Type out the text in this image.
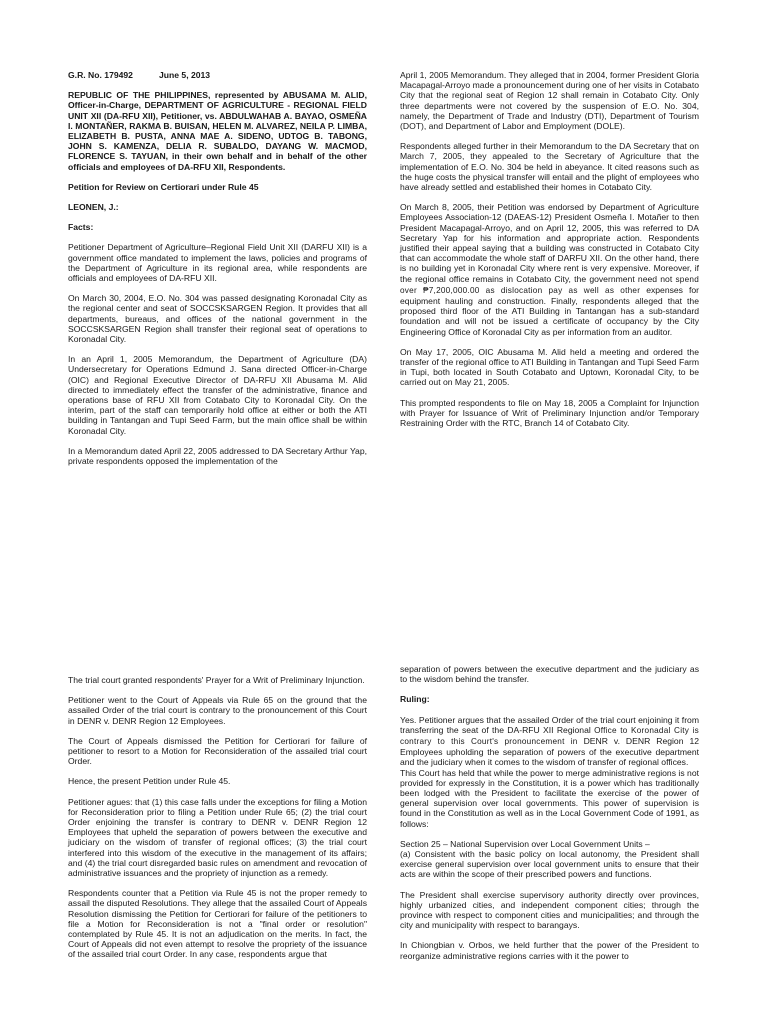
G.R. No. 179492	June 5, 2013

REPUBLIC OF THE PHILIPPINES, represented by ABUSAMA M. ALID, Officer-in-Charge, DEPARTMENT OF AGRICULTURE - REGIONAL FIELD UNIT XII (DA-RFU XII), Petitioner, vs. ABDULWAHAB A. BAYAO, OSMEÑA I. MONTAÑER, RAKMA B. BUISAN, HELEN M. ALVAREZ, NEILA P. LIMBA, ELIZABETH B. PUSTA, ANNA MAE A. SIDENO, UDTOG B. TABONG, JOHN S. KAMENZA, DELIA R. SUBALDO, DAYANG W. MACMOD, FLORENCE S. TAYUAN, in their own behalf and in behalf of the other officials and employees of DA-RFU XII, Respondents.

Petition for Review on Certiorari under Rule 45

LEONEN, J.:

Facts:

Petitioner Department of Agriculture–Regional Field Unit XII (DARFU XII) is a government office mandated to implement the laws, policies and programs of the Department of Agriculture in its regional area, while respondents are officials and employees of DA-RFU XII.

On March 30, 2004, E.O. No. 304 was passed designating Koronadal City as the regional center and seat of SOCCSKSARGEN Region. It provides that all departments, bureaus, and offices of the national government in the SOCCSKSARGEN Region shall transfer their regional seat of operations to Koronadal City.

In an April 1, 2005 Memorandum, the Department of Agriculture (DA) Undersecretary for Operations Edmund J. Sana directed Officer-in-Charge (OIC) and Regional Executive Director of DA-RFU XII Abusama M. Alid directed to immediately effect the transfer of the administrative, finance and operations base of RFU XII from Cotabato City to Koronadal City. On the interim, part of the staff can temporarily hold office at either or both the ATI building in Tantangan and Tupi Seed Farm, but the main office shall be within Koronadal City.

In a Memorandum dated April 22, 2005 addressed to DA Secretary Arthur Yap, private respondents opposed the implementation of the

April 1, 2005 Memorandum. They alleged that in 2004, former President Gloria Macapagal-Arroyo made a pronouncement during one of her visits in Cotabato City that the regional seat of Region 12 shall remain in Cotabato City. Only three departments were not covered by the suspension of E.O. No. 304, namely, the Department of Trade and Industry (DTI), Department of Tourism (DOT), and Department of Labor and Employment (DOLE).

Respondents alleged further in their Memorandum to the DA Secretary that on March 7, 2005, they appealed to the Secretary of Agriculture that the implementation of E.O. No. 304 be held in abeyance. It cited reasons such as the huge costs the physical transfer will entail and the plight of employees who have already settled and established their homes in Cotabato City.

On March 8, 2005, their Petition was endorsed by Department of Agriculture Employees Association-12 (DAEAS-12) President Osmeña I. Motañer to then President Macapagal-Arroyo, and on April 12, 2005, this was referred to DA Secretary Yap for his information and appropriate action. Respondents justified their appeal saying that a building was constructed in Cotabato City that can accommodate the whole staff of DARFU XII. On the other hand, there is no building yet in Koronadal City where rent is very expensive. Moreover, if the regional office remains in Cotabato City, the government need not spend over ₱7,200,000.00 as dislocation pay as well as other expenses for equipment hauling and construction. Finally, respondents alleged that the proposed third floor of the ATI Building in Tantangan has a sub-standard foundation and will not be issued a certificate of occupancy by the City Engineering Office of Koronadal City as per information from an auditor.

On May 17, 2005, OIC Abusama M. Alid held a meeting and ordered the transfer of the regional office to ATI Building in Tantangan and Tupi Seed Farm in Tupi, both located in South Cotabato and Uptown, Koronadal City, to be carried out on May 21, 2005.

This prompted respondents to file on May 18, 2005 a Complaint for Injunction with Prayer for Issuance of Writ of Preliminary Injunction and/or Temporary Restraining Order with the RTC, Branch 14 of Cotabato City.

The trial court granted respondents' Prayer for a Writ of Preliminary Injunction.

Petitioner went to the Court of Appeals via Rule 65 on the ground that the assailed Order of the trial court is contrary to the pronouncement of this Court in DENR v. DENR Region 12 Employees.

The Court of Appeals dismissed the Petition for Certiorari for failure of petitioner to resort to a Motion for Reconsideration of the assailed trial court Order.

Hence, the present Petition under Rule 45.

Petitioner agues: that (1) this case falls under the exceptions for filing a Motion for Reconsideration prior to filing a Petition under Rule 65; (2) the trial court Order enjoining the transfer is contrary to DENR v. DENR Region 12 Employees that upheld the separation of powers between the executive and judiciary on the wisdom of transfer of regional offices; (3) the trial court interfered into this wisdom of the executive in the management of its affairs; and (4) the trial court disregarded basic rules on amendment and revocation of administrative issuances and the propriety of injunction as a remedy.

Respondents counter that a Petition via Rule 45 is not the proper remedy to assail the disputed Resolutions. They allege that the assailed Court of Appeals Resolution dismissing the Petition for Certiorari for failure of the petitioners to file a Motion for Reconsideration is not a "final order or resolution" contemplated by Rule 45. It is not an adjudication on the merits. In fact, the Court of Appeals did not even attempt to resolve the propriety of the issuance of the assailed trial court Order. In any case, respondents argue that

separation of powers between the executive department and the judiciary as to the wisdom behind the transfer.

Ruling:

Yes. Petitioner argues that the assailed Order of the trial court enjoining it from transferring the seat of the DA-RFU XII Regional Office to Koronadal City is contrary to this Court's pronouncement in DENR v. DENR Region 12 Employees upholding the separation of powers of the executive department and the judiciary when it comes to the wisdom of transfer of regional offices.

This Court has held that while the power to merge administrative regions is not provided for expressly in the Constitution, it is a power which has traditionally been lodged with the President to facilitate the exercise of the power of general supervision over local governments. This power of supervision is found in the Constitution as well as in the Local Government Code of 1991, as follows:

Section 25 – National Supervision over Local Government Units –

(a) Consistent with the basic policy on local autonomy, the President shall exercise general supervision over local government units to ensure that their acts are within the scope of their prescribed powers and functions.

The President shall exercise supervisory authority directly over provinces, highly urbanized cities, and independent component cities; through the province with respect to component cities and municipalities; and through the city and municipality with respect to barangays.

In Chiongbian v. Orbos, we held further that the power of the President to reorganize administrative regions carries with it the power to
